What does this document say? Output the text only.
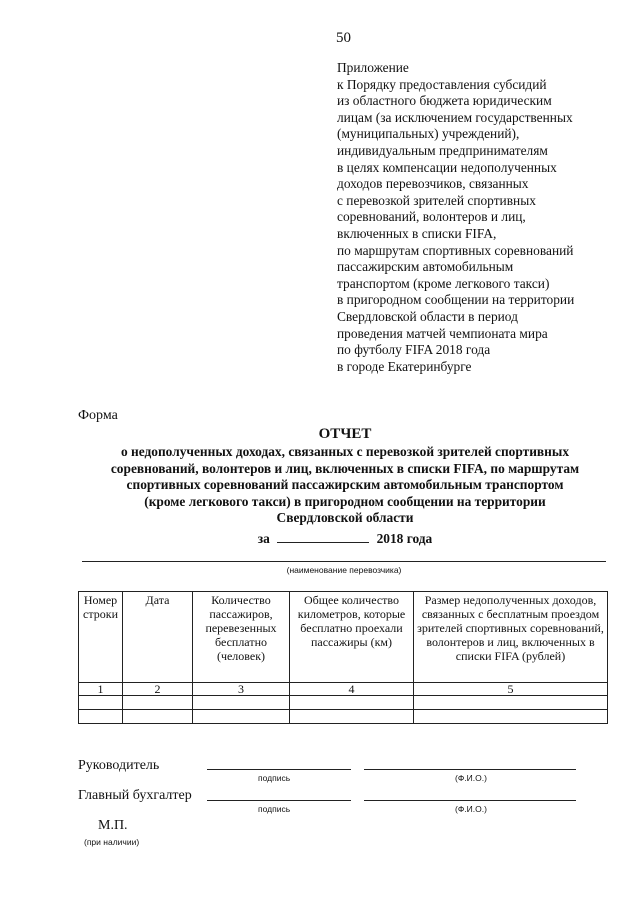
50
Приложение
к Порядку предоставления субсидий
из областного бюджета юридическим
лицам (за исключением государственных
(муниципальных) учреждений),
индивидуальным предпринимателям
в целях компенсации недополученных
доходов перевозчиков, связанных
с перевозкой зрителей спортивных
соревнований, волонтеров и лиц,
включенных в списки FIFA,
по маршрутам спортивных соревнований
пассажирским автомобильным
транспортом (кроме легкового такси)
в пригородном сообщении на территории
Свердловской области в период
проведения матчей чемпионата мира
по футболу FIFA 2018 года
в городе Екатеринбурге
Форма
ОТЧЕТ
о недополученных доходах, связанных с перевозкой зрителей спортивных
соревнований, волонтеров и лиц, включенных в списки FIFA, по маршрутам
спортивных соревнований пассажирским автомобильным транспортом
(кроме легкового такси) в пригородном сообщении на территории
Свердловской области
за	2018 года
(наименование перевозчика)
Номер строки	Дата	Количество пассажиров, перевезенных бесплатно (человек)	Общее количество километров, которые бесплатно проехали пассажиры (км)	Размер недополученных доходов, связанных с бесплатным проездом зрителей спортивных соревнований, волонтеров и лиц, включенных в списки FIFA (рублей)
1	2	3	4	5

Руководитель
подпись	(Ф.И.О.)
Главный бухгалтер
подпись	(Ф.И.О.)
М.П.
(при наличии)
